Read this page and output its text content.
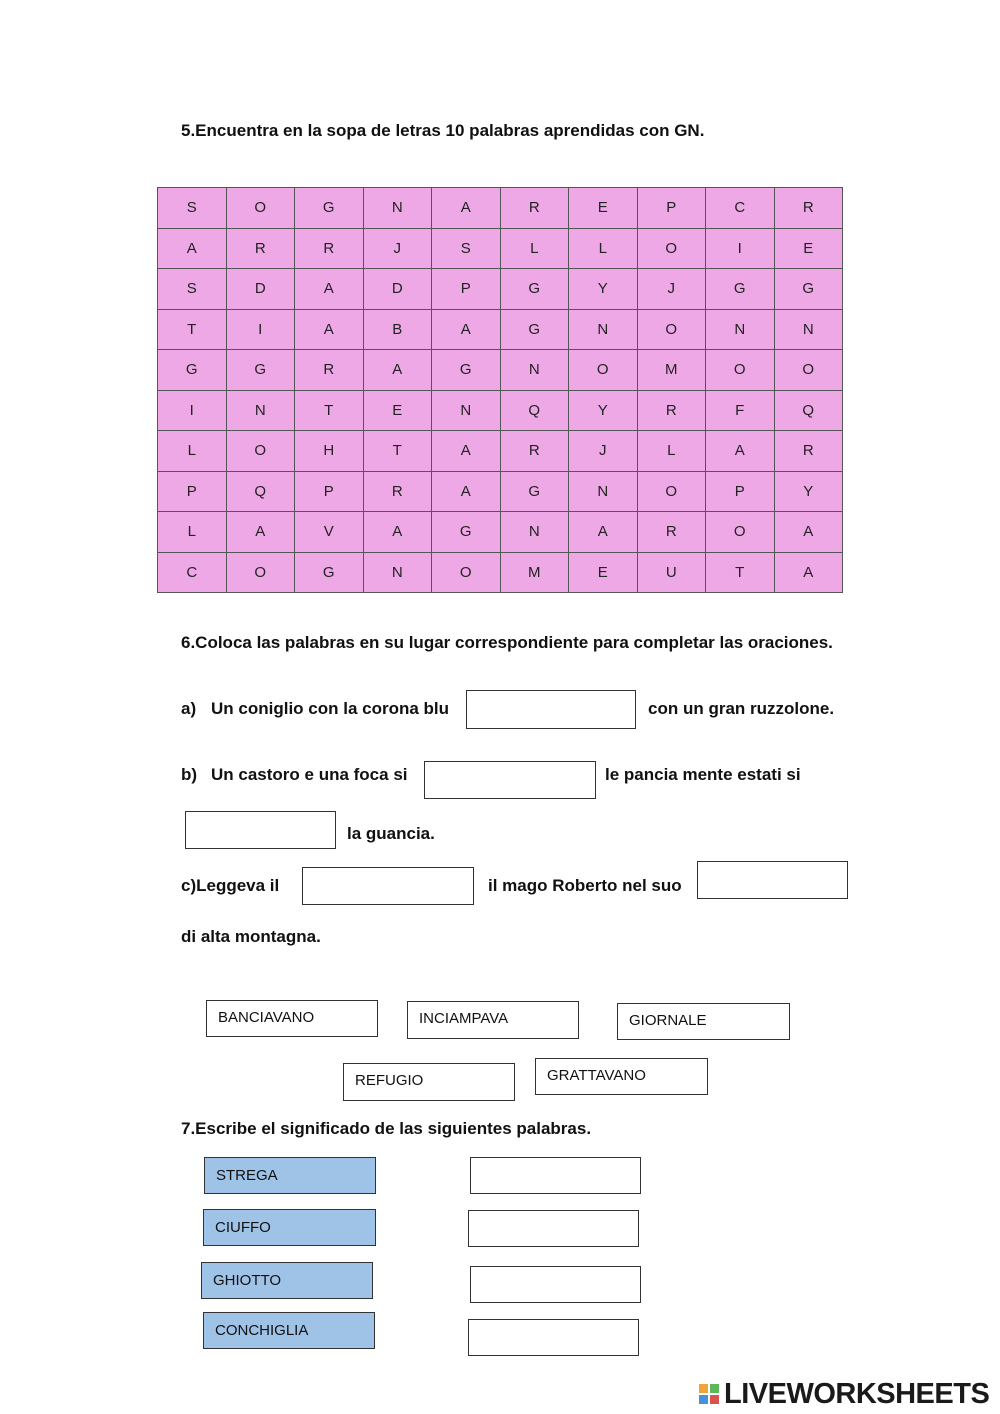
5.Encuentra en la sopa de letras 10 palabras aprendidas con GN.
S	O	G	N	A	R	E	P	C	R
A	R	R	J	S	L	L	O	I	E
S	D	A	D	P	G	Y	J	G	G
T	I	A	B	A	G	N	O	N	N
G	G	R	A	G	N	O	M	O	O
I	N	T	E	N	Q	Y	R	F	Q
L	O	H	T	A	R	J	L	A	R
P	Q	P	R	A	G	N	O	P	Y
L	A	V	A	G	N	A	R	O	A
C	O	G	N	O	M	E	U	T	A
6.Coloca las palabras en su lugar correspondiente para completar las oraciones.
a) Un coniglio con la corona blu	con un gran ruzzolone.
b) Un castoro e una foca si	le pancia mente estati si
la guancia.
c)Leggeva il	il mago Roberto nel suo
di alta montagna.
BANCIAVANO	INCIAMPAVA	GIORNALE
REFUGIO	GRATTAVANO
7.Escribe el significado de las siguientes palabras.
STREGA
CIUFFO
GHIOTTO
CONCHIGLIA

LIVEWORKSHEETS
